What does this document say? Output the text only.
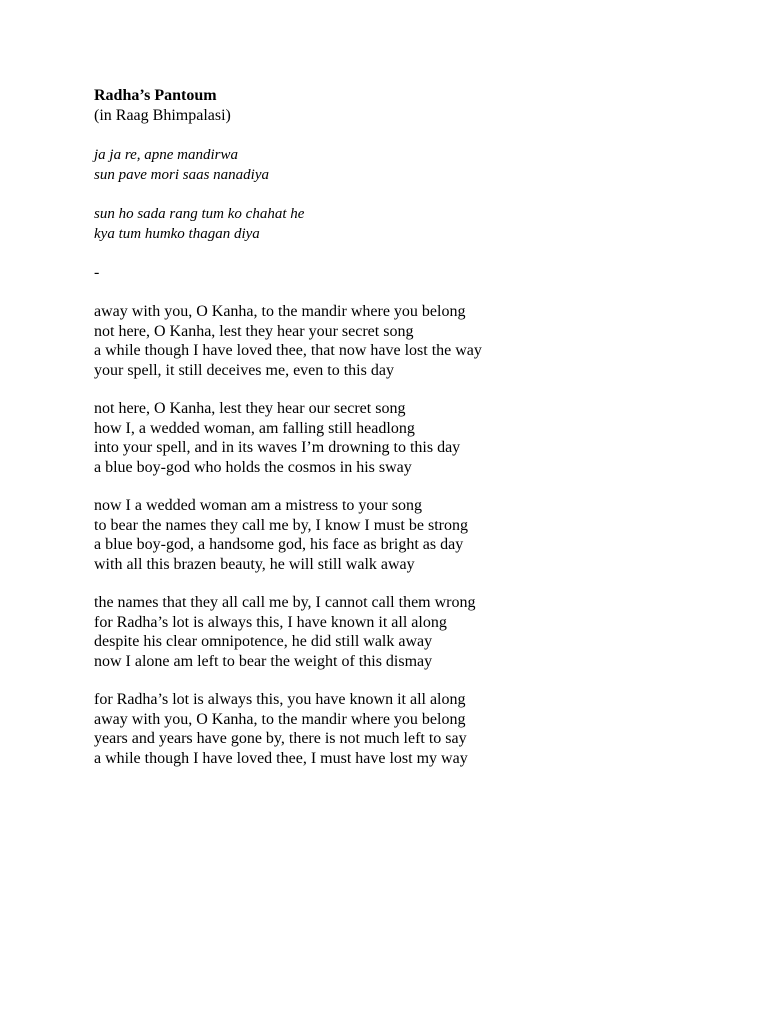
Radha’s Pantoum
(in Raag Bhimpalasi)
ja ja re, apne mandirwa
sun pave mori saas nanadiya
sun ho sada rang tum ko chahat he
kya tum humko thagan diya
-
away with you, O Kanha, to the mandir where you belong
not here, O Kanha, lest they hear your secret song
a while though I have loved thee, that now have lost the way
your spell, it still deceives me, even to this day
not here, O Kanha, lest they hear our secret song
how I, a wedded woman, am falling still headlong
into your spell, and in its waves I’m drowning to this day
a blue boy-god who holds the cosmos in his sway
now I a wedded woman am a mistress to your song
to bear the names they call me by, I know I must be strong
a blue boy-god, a handsome god, his face as bright as day
with all this brazen beauty, he will still walk away
the names that they all call me by, I cannot call them wrong
for Radha’s lot is always this, I have known it all along
despite his clear omnipotence, he did still walk away
now I alone am left to bear the weight of this dismay
for Radha’s lot is always this, you have known it all along
away with you, O Kanha, to the mandir where you belong
years and years have gone by, there is not much left to say
a while though I have loved thee, I must have lost my way
